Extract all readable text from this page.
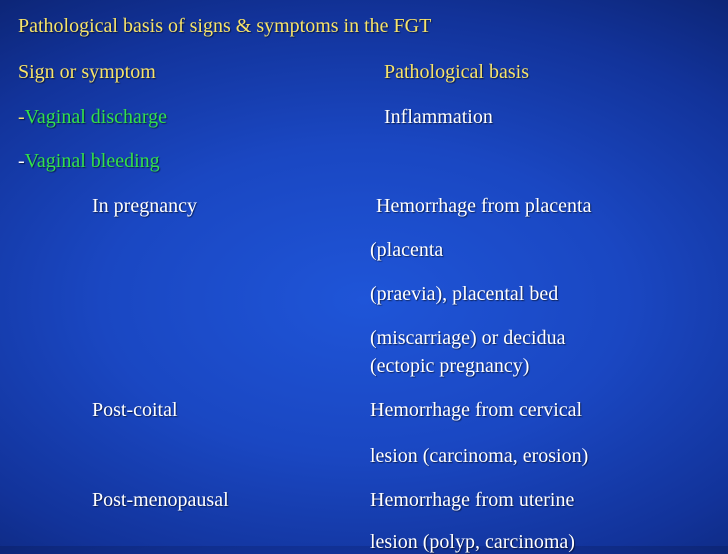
Pathological basis of signs & symptoms in the FGT
Sign or symptom	Pathological basis
-Vaginal discharge	Inflammation
-Vaginal bleeding
In pregnancy	Hemorrhage from placenta
(placenta
(praevia), placental bed
(miscarriage) or decidua
(ectopic pregnancy)
Post-coital	Hemorrhage from cervical
lesion (carcinoma, erosion)
Post-menopausal	Hemorrhage from uterine
lesion (polyp, carcinoma)
